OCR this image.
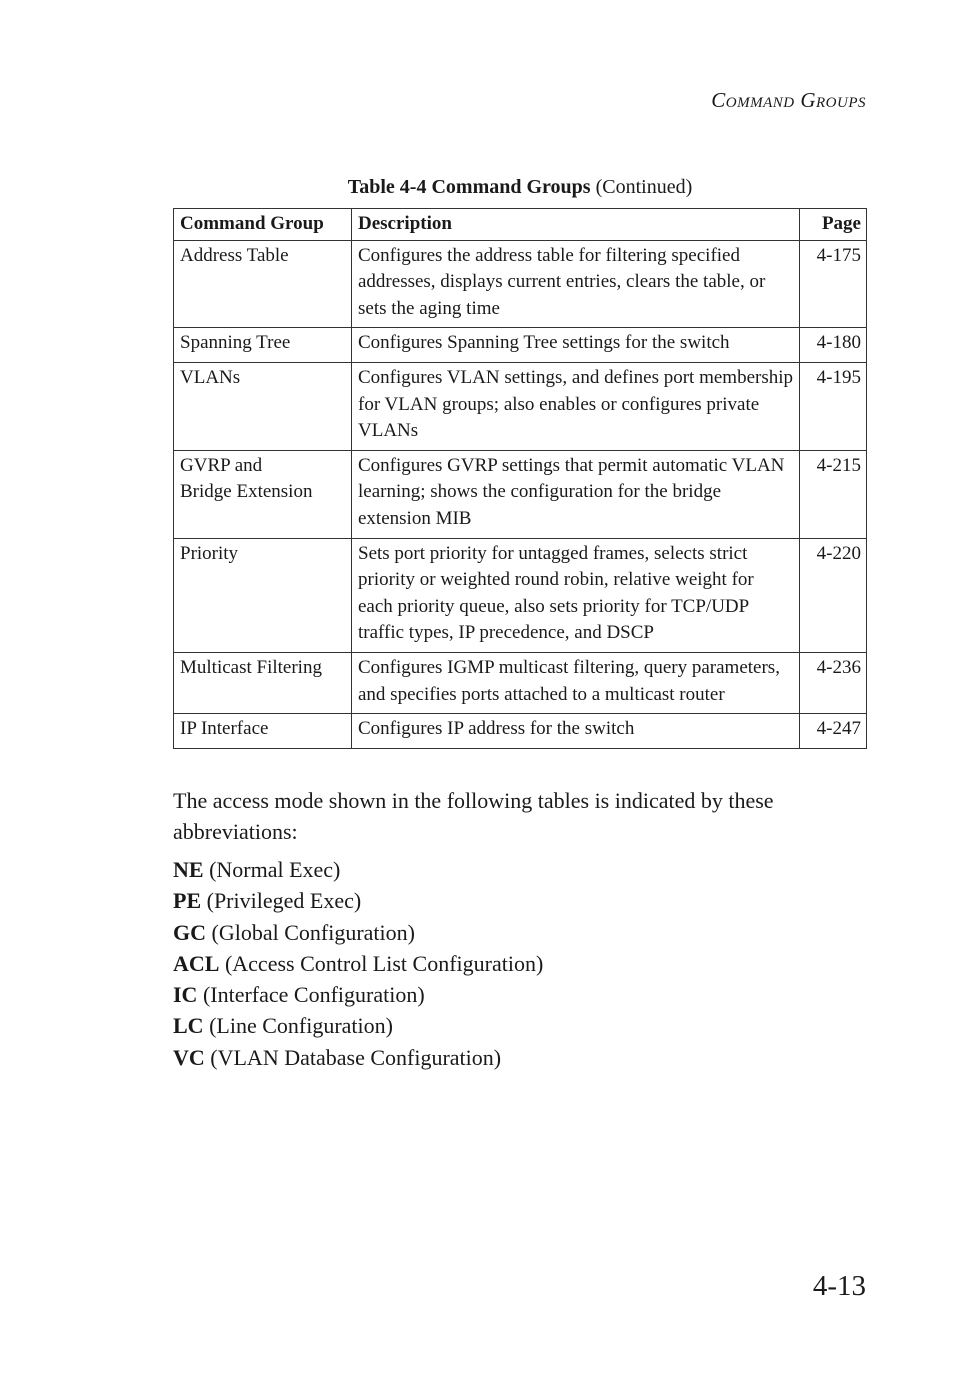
Command Groups
Table 4-4 Command Groups (Continued)
Command Group	Description	Page
Address Table	Configures the address table for filtering specified addresses, displays current entries, clears the table, or sets the aging time	4-175
Spanning Tree	Configures Spanning Tree settings for the switch	4-180
VLANs	Configures VLAN settings, and defines port membership for VLAN groups; also enables or configures private VLANs	4-195
GVRP and
Bridge Extension	Configures GVRP settings that permit automatic VLAN learning; shows the configuration for the bridge extension MIB	4-215
Priority	Sets port priority for untagged frames, selects strict priority or weighted round robin, relative weight for each priority queue, also sets priority for TCP/UDP traffic types, IP precedence, and DSCP	4-220
Multicast Filtering	Configures IGMP multicast filtering, query parameters, and specifies ports attached to a multicast router	4-236
IP Interface	Configures IP address for the switch	4-247

The access mode shown in the following tables is indicated by these abbreviations:

NE (Normal Exec)
PE (Privileged Exec)
GC (Global Configuration)
ACL (Access Control List Configuration)
IC (Interface Configuration)
LC (Line Configuration)
VC (VLAN Database Configuration)
4-13
